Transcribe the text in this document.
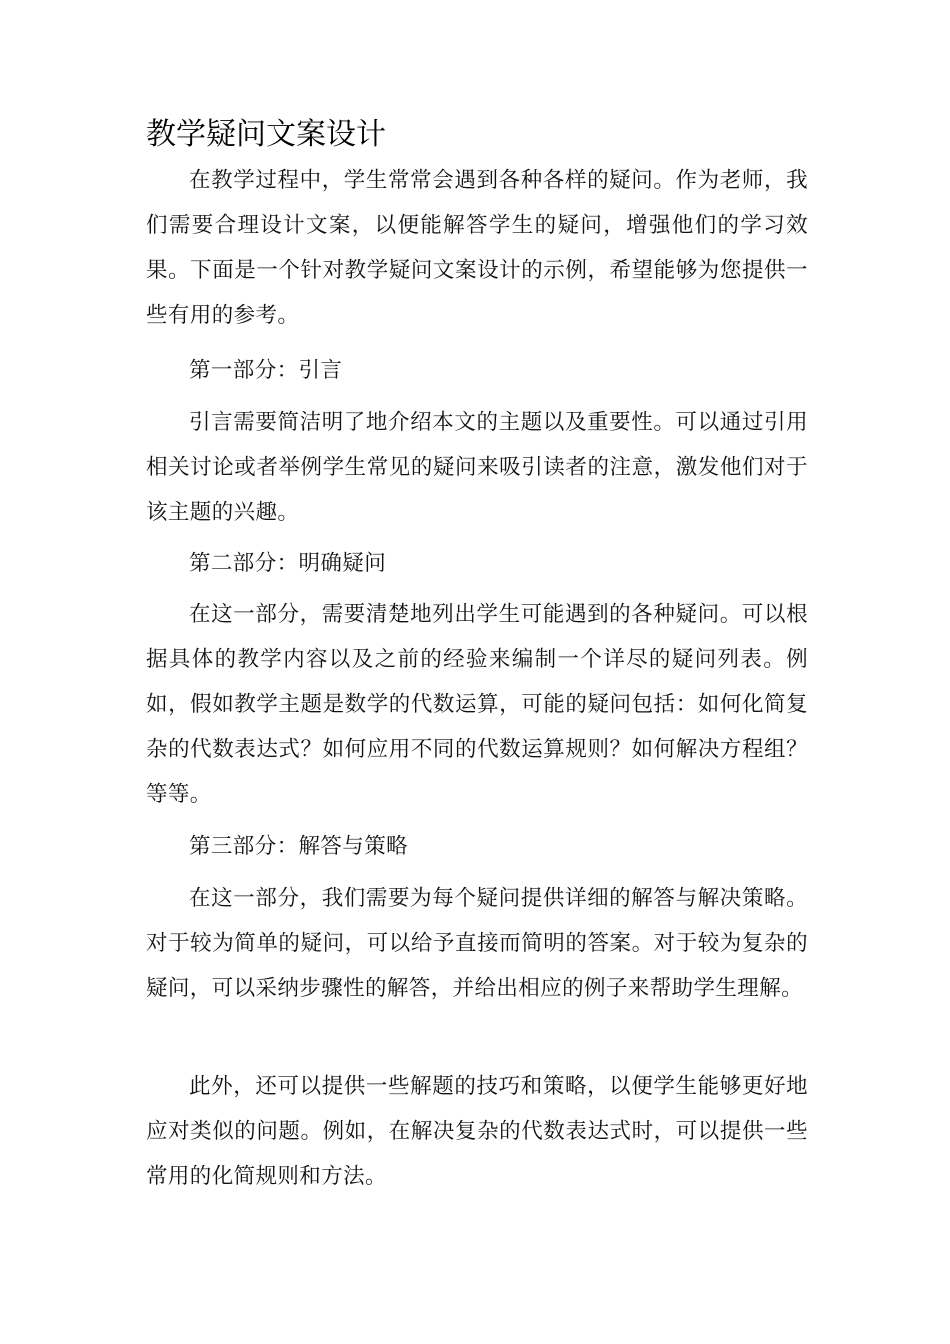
教学疑问文案设计

在教学过程中，学生常常会遇到各种各样的疑问。作为老师，我们需要合理设计文案，以便能解答学生的疑问，增强他们的学习效果。下面是一个针对教学疑问文案设计的示例，希望能够为您提供一些有用的参考。

第一部分：引言

引言需要简洁明了地介绍本文的主题以及重要性。可以通过引用相关讨论或者举例学生常见的疑问来吸引读者的注意，激发他们对于该主题的兴趣。

第二部分：明确疑问

在这一部分，需要清楚地列出学生可能遇到的各种疑问。可以根据具体的教学内容以及之前的经验来编制一个详尽的疑问列表。例如，假如教学主题是数学的代数运算，可能的疑问包括：如何化简复杂的代数表达式？如何应用不同的代数运算规则？如何解决方程组？等等。

第三部分：解答与策略

在这一部分，我们需要为每个疑问提供详细的解答与解决策略。对于较为简单的疑问，可以给予直接而简明的答案。对于较为复杂的疑问，可以采纳步骤性的解答，并给出相应的例子来帮助学生理解。

此外，还可以提供一些解题的技巧和策略，以便学生能够更好地应对类似的问题。例如，在解决复杂的代数表达式时，可以提供一些常用的化简规则和方法。
